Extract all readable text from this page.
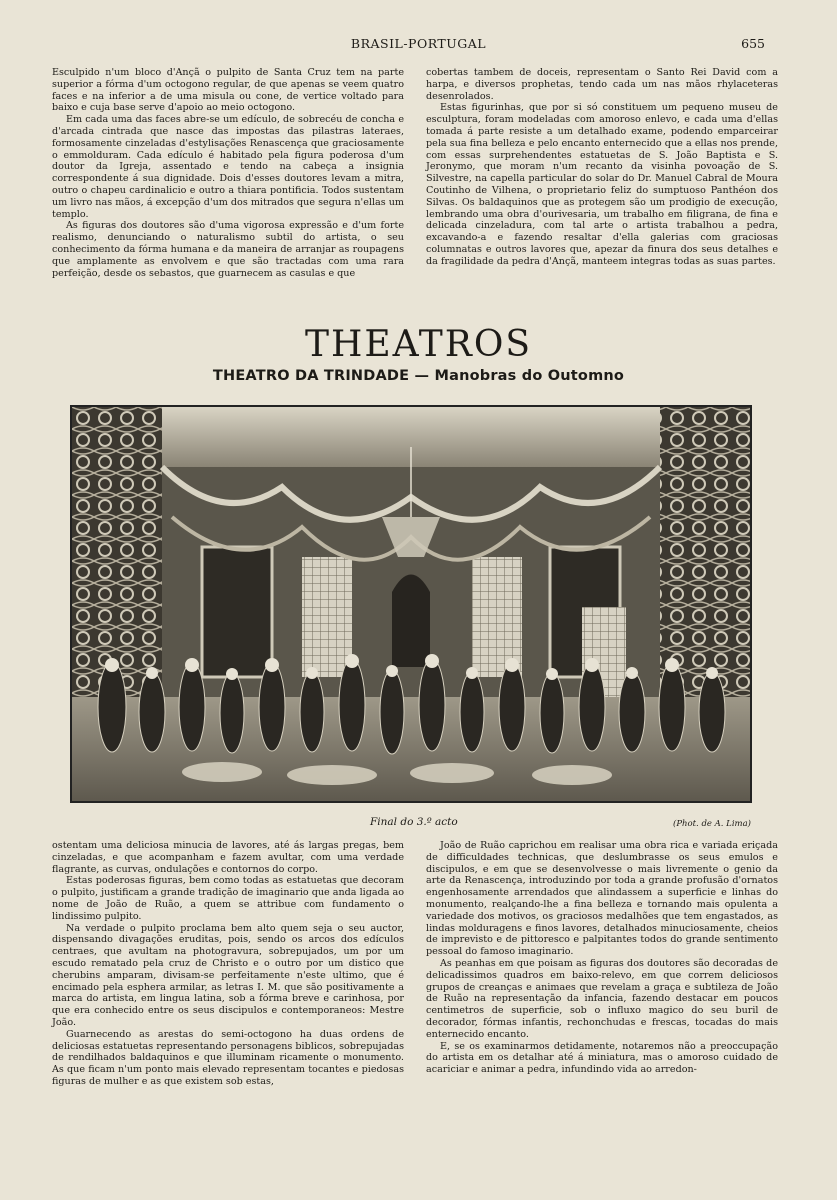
BRASIL-PORTUGAL	655

Esculpido n'um bloco d'Ançã o pulpito de Santa Cruz tem na parte superior a fórma d'um octogono regular, de que apenas se veem quatro faces e na inferior a de uma misula ou cone, de vertice voltado para baixo e cuja base serve d'apoio ao meio octogono.

Em cada uma das faces abre-se um edículo, de sobrecéu de concha e d'arcada cintrada que nasce das impostas das pilastras lateraes, formosamente cinzeladas d'estylisações Renascença que graciosamente o emmolduram. Cada edículo é habitado pela figura poderosa d'um doutor da Igreja, assentado e tendo na cabeça a insignia correspondente á sua dignidade. Dois d'esses doutores levam a mitra, outro o chapeu cardinalicio e outro a thiara pontificia. Todos sustentam um livro nas mãos, á excepção d'um dos mitrados que segura n'ellas um templo.

As figuras dos doutores são d'uma vigorosa expressão e d'um forte realismo, denunciando o naturalismo subtil do artista, o seu conhecimento da fórma humana e da maneira de arranjar as roupagens que amplamente as envolvem e que são tractadas com uma rara perfeição, desde os sebastos, que guarnecem as casulas e que

cobertas tambem de doceis, representam o Santo Rei David com a harpa, e diversos prophetas, tendo cada um nas mãos rhylaceteras desenrolados.

Estas figurinhas, que por si só constituem um pequeno museu de esculptura, foram modeladas com amoroso enlevo, e cada uma d'ellas tomada á parte resiste a um detalhado exame, podendo emparceirar pela sua fina belleza e pelo encanto enternecido que a ellas nos prende, com essas surprehendentes estatuetas de S. João Baptista e S. Jeronymo, que moram n'um recanto da visinha povoação de S. Silvestre, na capella particular do solar do Dr. Manuel Cabral de Moura Coutinho de Vilhena, o proprietario feliz do sumptuoso Panthéon dos Silvas. Os baldaquinos que as protegem são um prodigio de execução, lembrando uma obra d'ourivesaria, um trabalho em filigrana, de fina e delicada cinzeladura, com tal arte o artista trabalhou a pedra, excavando-a e fazendo resaltar d'ella galerias com graciosas columnatas e outros lavores que, apezar da finura dos seus detalhes e da fragilidade da pedra d'Ançã, manteem integras todas as suas partes.

THEATROS
THEATRO DA TRINDADE — Manobras do Outomno
Final do 3.º acto	(Phot. de A. Lima)

ostentam uma deliciosa minucia de lavores, até ás largas pregas, bem cinzeladas, e que acompanham e fazem avultar, com uma verdade flagrante, as curvas, ondulações e contornos do corpo.

Estas poderosas figuras, bem como todas as estatuetas que decoram o pulpito, justificam a grande tradição de imaginario que anda ligada ao nome de João de Ruão, a quem se attribue com fundamento o lindissimo pulpito.

Na verdade o pulpito proclama bem alto quem seja o seu auctor, dispensando divagações eruditas, pois, sendo os arcos dos edículos centraes, que avultam na photogravura, sobrepujados, um por um escudo rematado pela cruz de Christo e o outro por um distico que cherubins amparam, divisam-se perfeitamente n'este ultimo, que é encimado pela esphera armilar, as letras I. M. que são positivamente a marca do artista, em lingua latina, sob a fórma breve e carinhosa, por que era conhecido entre os seus discipulos e contemporaneos: Mestre João.

Guarnecendo as arestas do semi-octogono ha duas ordens de deliciosas estatuetas representando personagens biblicos, sobrepujadas de rendilhados baldaquinos e que illuminam ricamente o monumento. As que ficam n'um ponto mais elevado representam tocantes e piedosas figuras de mulher e as que existem sob estas,

João de Ruão caprichou em realisar uma obra rica e variada eriçada de difficuldades technicas, que deslumbrasse os seus emulos e discipulos, e em que se desenvolvesse o mais livremente o genio da arte da Renascença, introduzindo por toda a grande profusão d'ornatos engenhosamente arrendados que alindassem a superficie e linhas do monumento, realçando-lhe a fina belleza e tornando mais opulenta a variedade dos motivos, os graciosos medalhões que tem engastados, as lindas molduragens e finos lavores, detalhados minuciosamente, cheios de imprevisto e de pittoresco e palpitantes todos do grande sentimento pessoal do famoso imaginario.

As peanhas em que poisam as figuras dos doutores são decoradas de delicadissimos quadros em baixo-relevo, em que correm deliciosos grupos de creanças e animaes que revelam a graça e subtileza de João de Ruão na representação da infancia, fazendo destacar em poucos centimetros de superficie, sob o influxo magico do seu buril de decorador, fórmas infantis, rechonchudas e frescas, tocadas do mais enternecido encanto.

E, se os examinarmos detidamente, notaremos não a preoccupação do artista em os detalhar até á miniatura, mas o amoroso cuidado de acariciar e animar a pedra, infundindo vida ao arredon-
